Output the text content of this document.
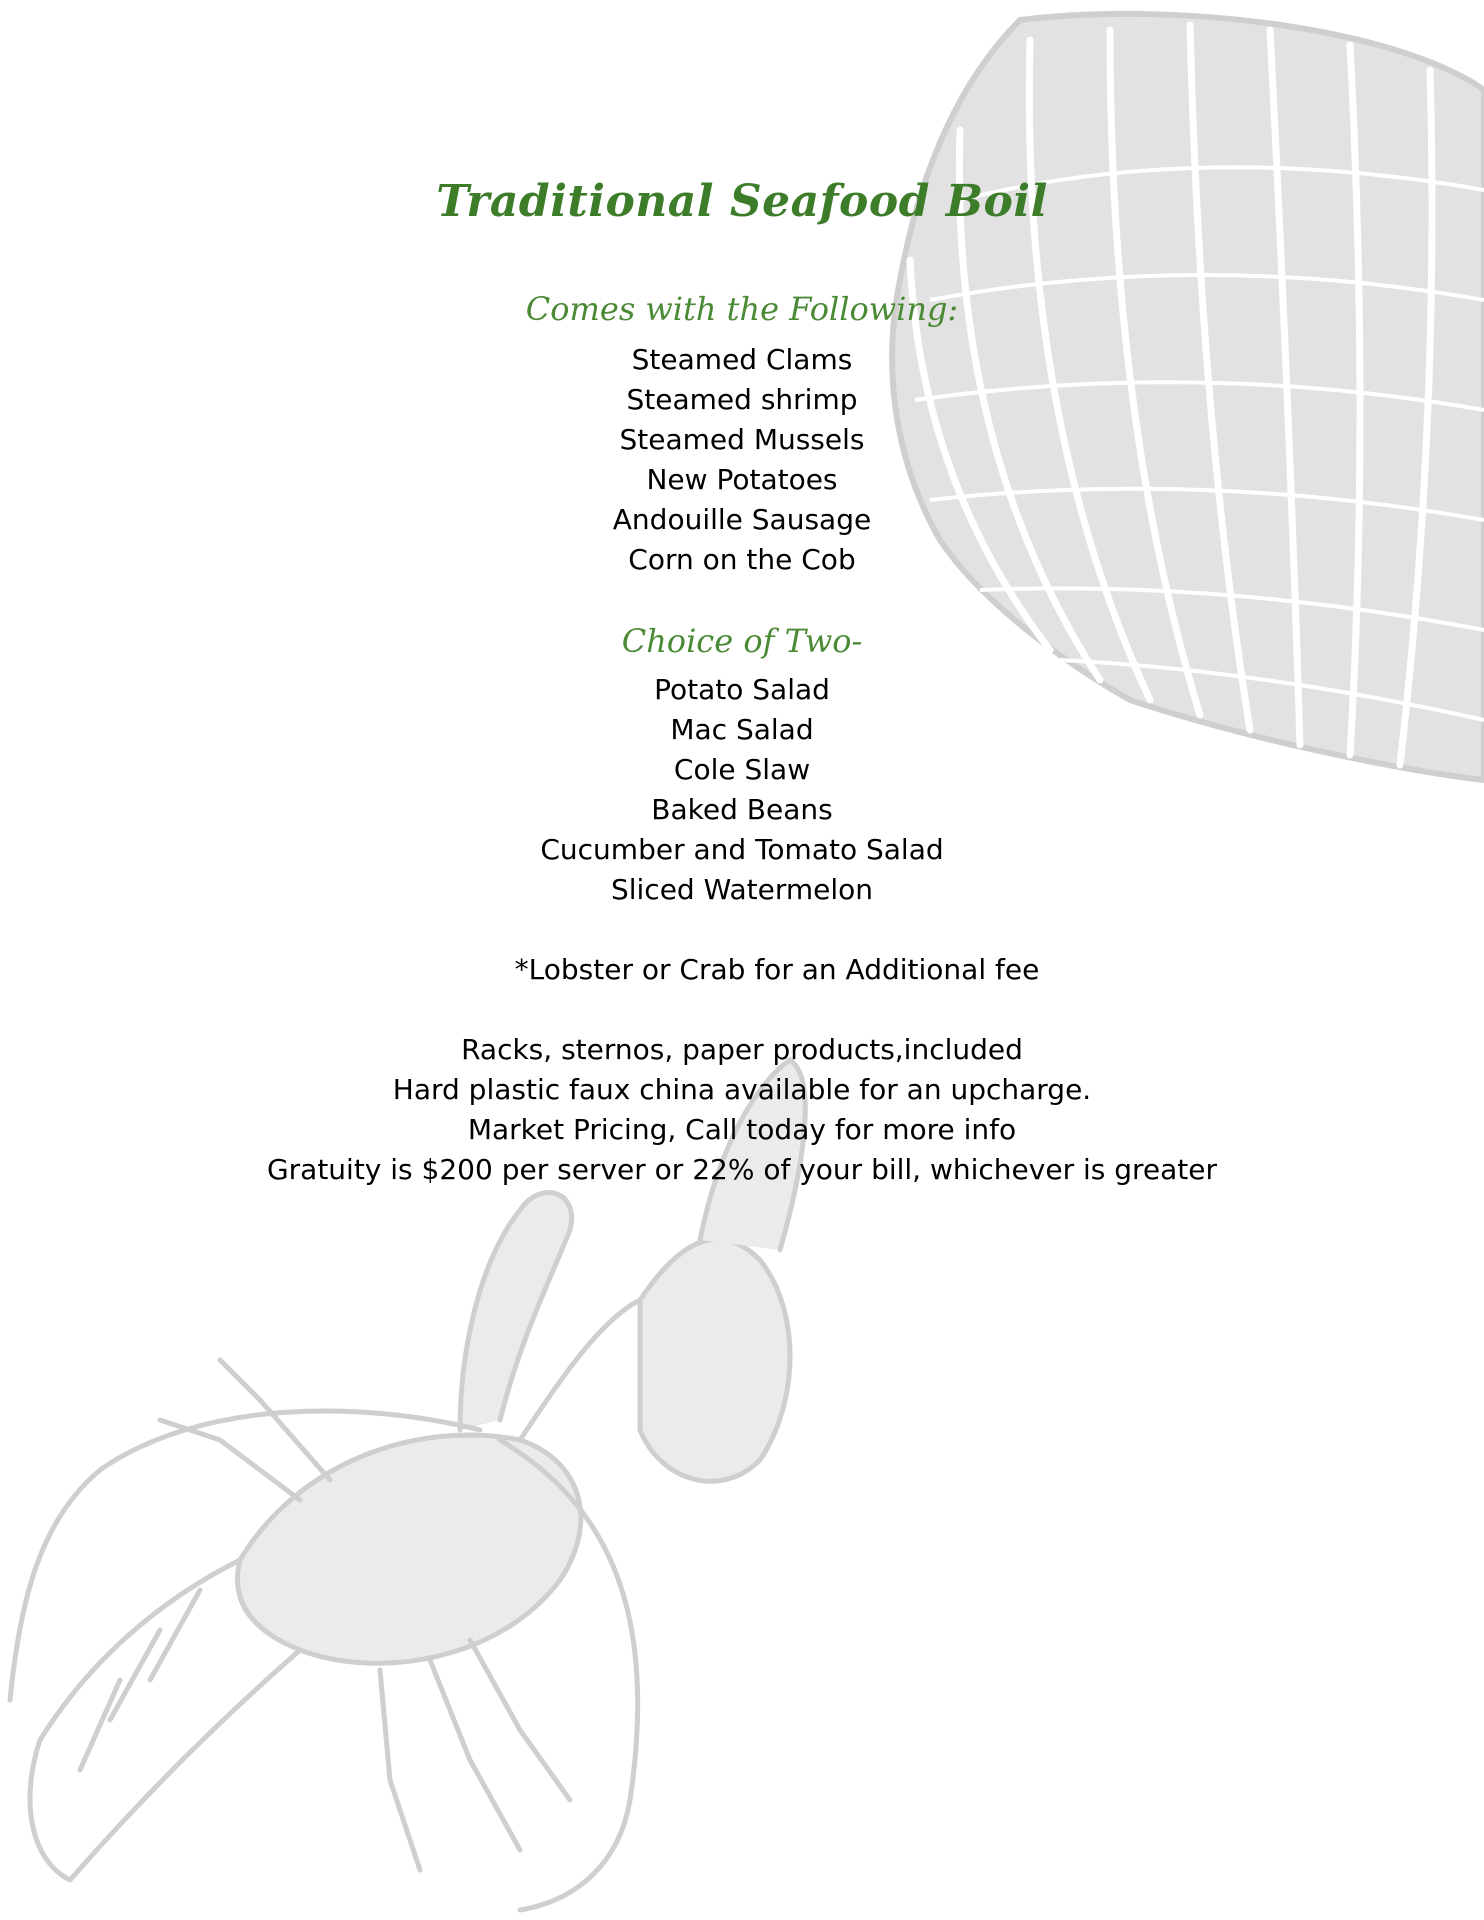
Traditional Seafood Boil
Comes with the Following:
Steamed Clams
Steamed shrimp
Steamed Mussels
New Potatoes
Andouille Sausage
Corn on the Cob
Choice of Two-
Potato Salad
Mac Salad
Cole Slaw
Baked Beans
Cucumber and Tomato Salad
Sliced Watermelon
*Lobster or Crab for an Additional fee
Racks, sternos, paper products,included
Hard plastic faux china available for an upcharge.
Market Pricing, Call today for more info
Gratuity is $200 per server or 22% of your bill, whichever is greater
